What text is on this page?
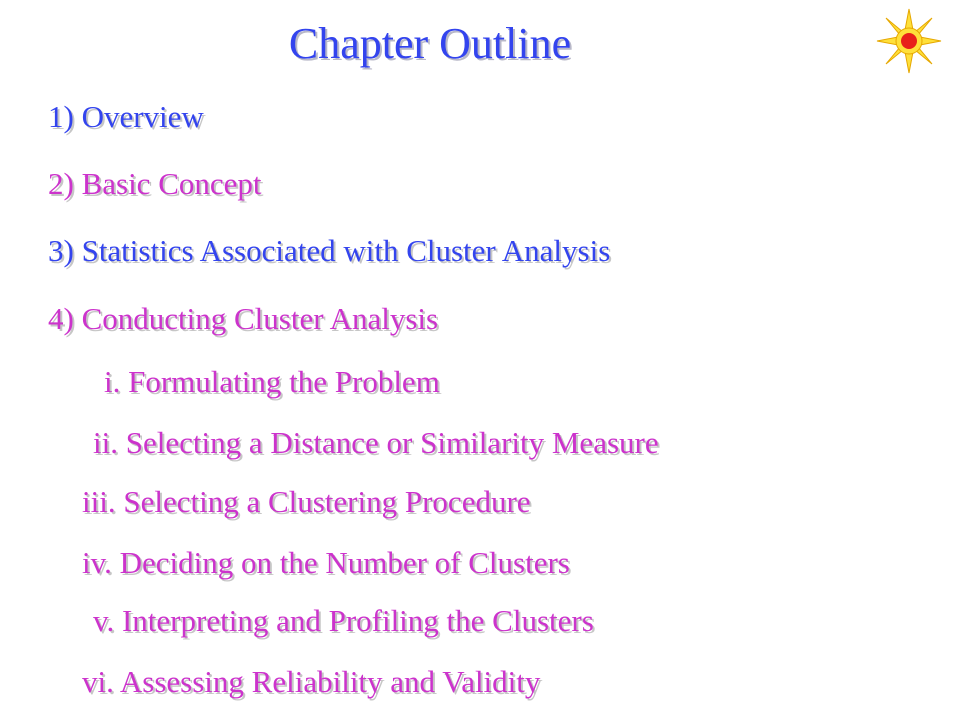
Chapter Outline
1) Overview
2) Basic Concept
3) Statistics Associated with Cluster Analysis
4) Conducting Cluster Analysis
i. Formulating the Problem
ii. Selecting a Distance or Similarity Measure
iii. Selecting a Clustering Procedure
iv. Deciding on the Number of Clusters
v. Interpreting and Profiling the Clusters
vi. Assessing Reliability and Validity
